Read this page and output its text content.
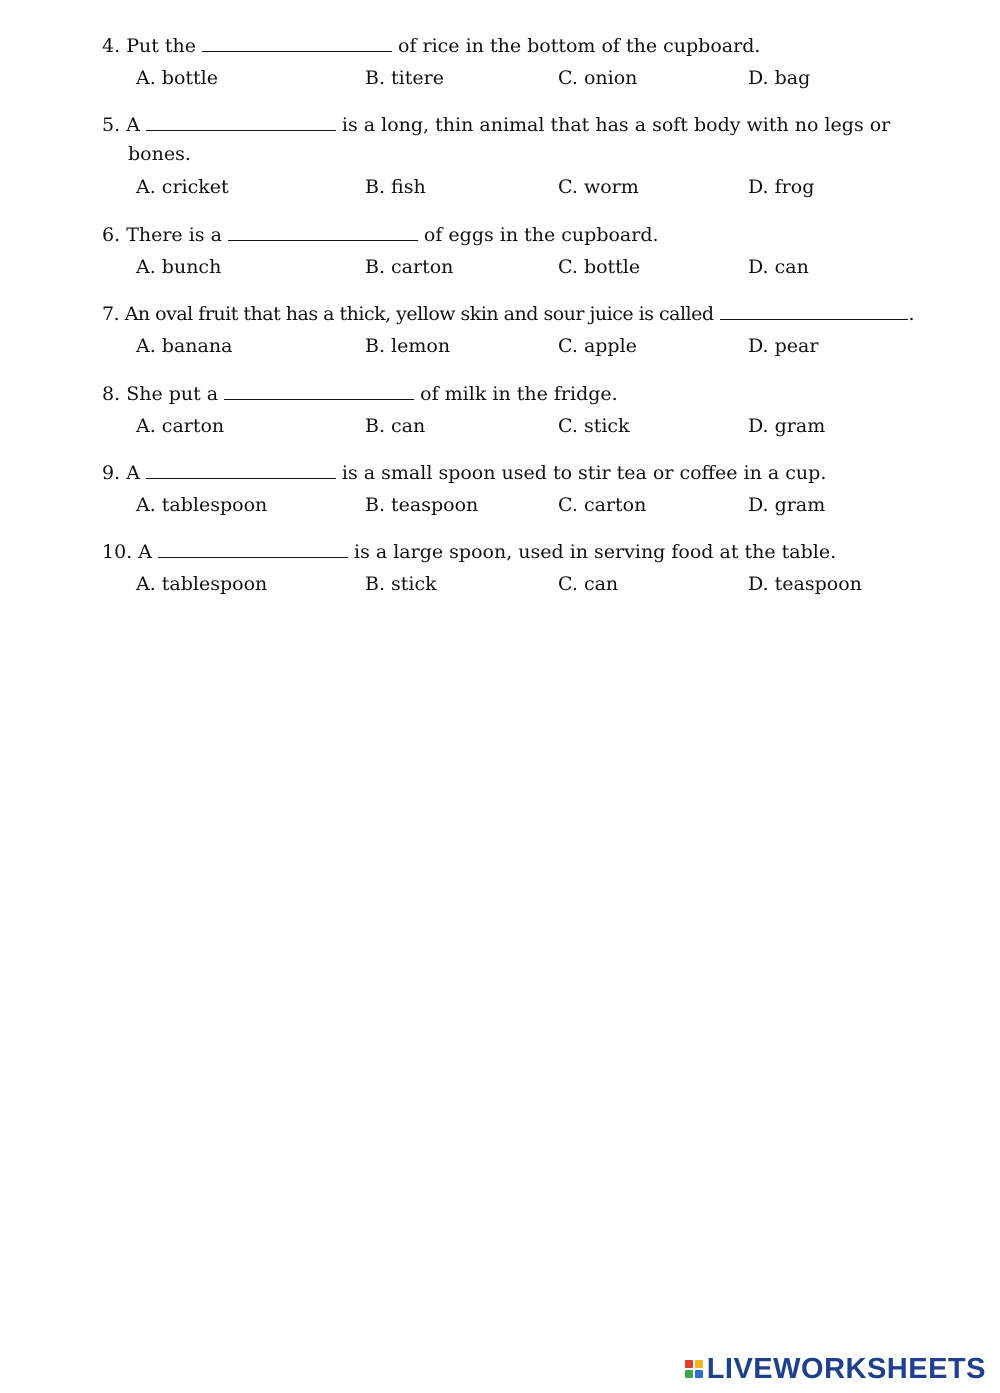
4. Put the	of rice in the bottom of the cupboard.
A. bottle	B. titere	C. onion	D. bag
5. A	is a long, thin animal that has a soft body with no legs or
bones.
A. cricket	B. fish	C. worm	D. frog
6. There is a	of eggs in the cupboard.
A. bunch	B. carton	C. bottle	D. can
7. An oval fruit that has a thick, yellow skin and sour juice is called	.
A. banana	B. lemon	C. apple	D. pear
8. She put a	of milk in the fridge.
A. carton	B. can	C. stick	D. gram
9. A	is a small spoon used to stir tea or coffee in a cup.
A. tablespoon	B. teaspoon	C. carton	D. gram
10. A	is a large spoon, used in serving food at the table.
A. tablespoon	B. stick	C. can	D. teaspoon
LIVEWORKSHEETS
